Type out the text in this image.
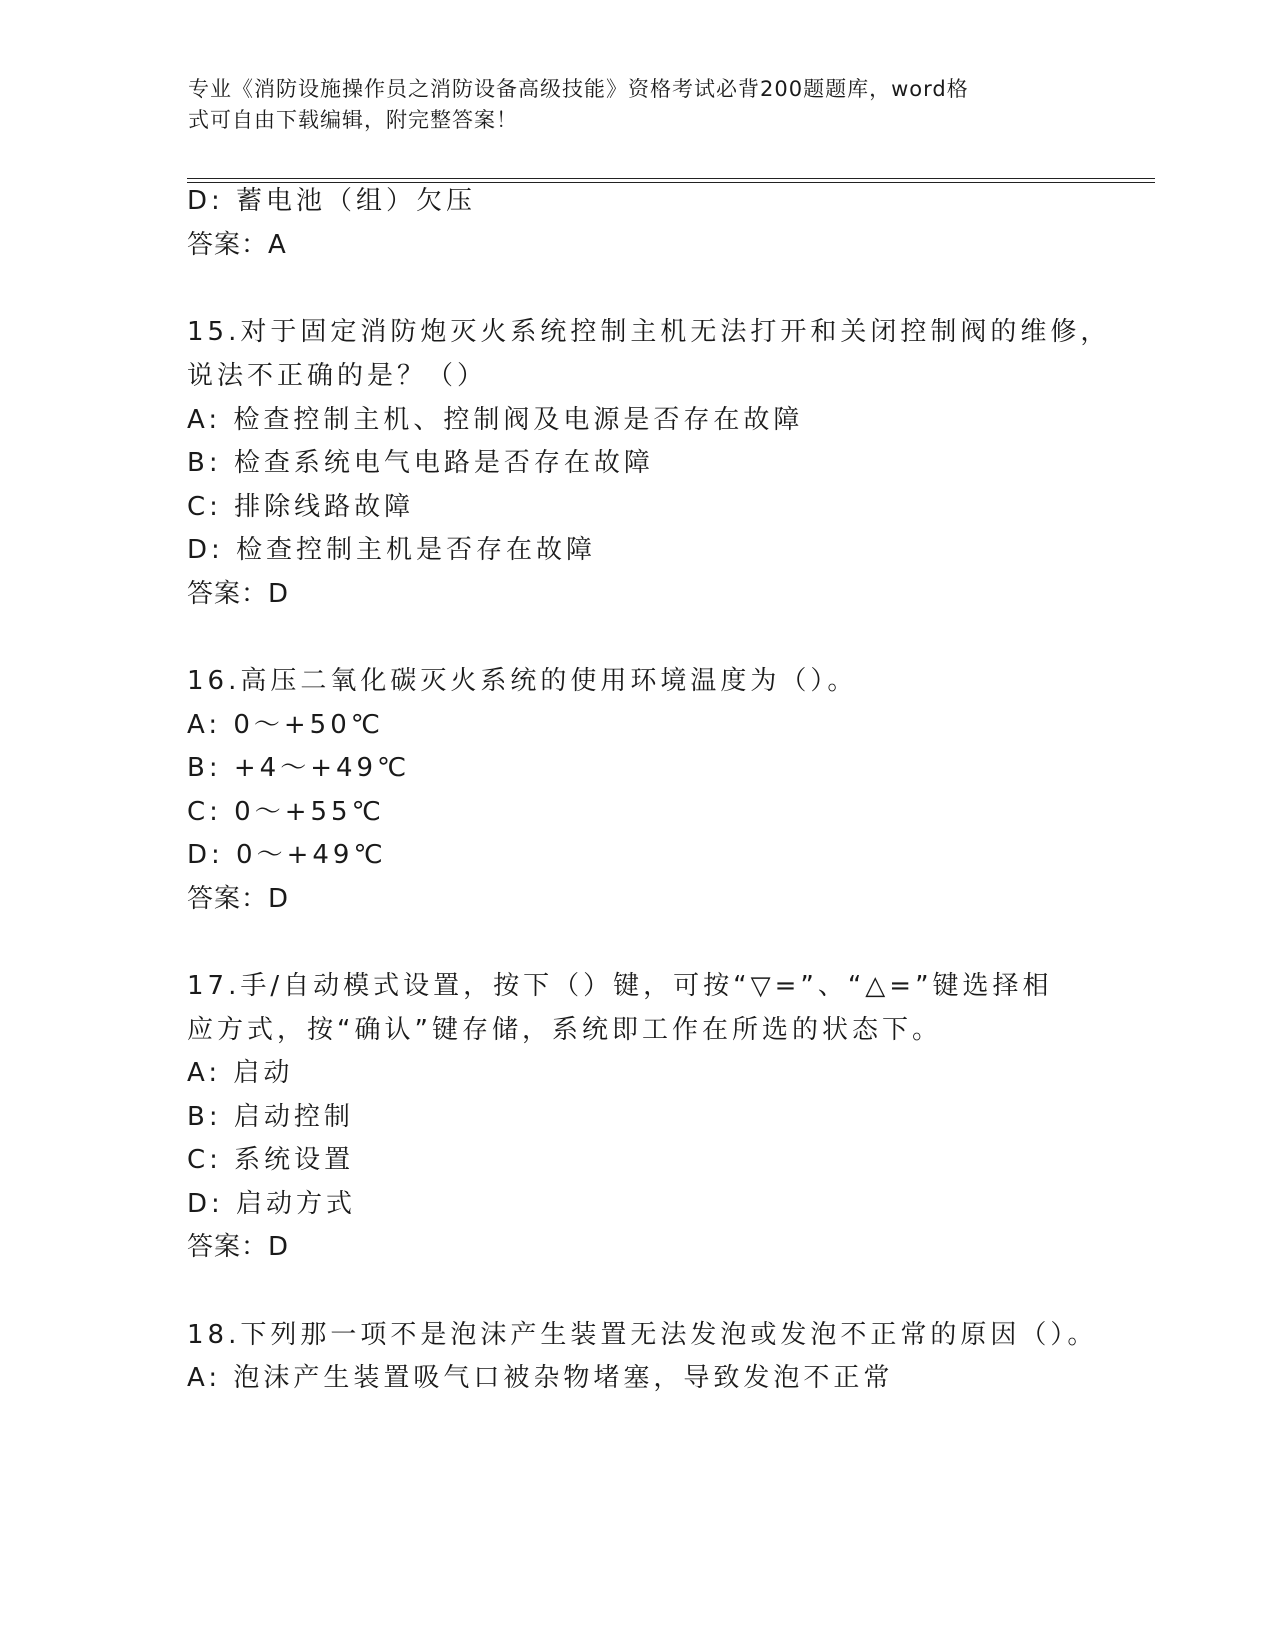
专业《消防设施操作员之消防设备高级技能》资格考试必背200题题库，word格
式可自由下载编辑，附完整答案！
D: 蓄电池（组）欠压
答案：A
15.对于固定消防炮灭火系统控制主机无法打开和关闭控制阀的维修，
说法不正确的是？（）
A: 检查控制主机、控制阀及电源是否存在故障
B: 检查系统电气电路是否存在故障
C: 排除线路故障
D: 检查控制主机是否存在故障
答案：D
16.高压二氧化碳灭火系统的使用环境温度为（）。
A: 0～+50℃
B: +4～+49℃
C: 0～+55℃
D: 0～+49℃
答案：D
17.手/自动模式设置，按下（）键，可按“▽=”、“△=”键选择相
应方式，按“确认”键存储，系统即工作在所选的状态下。
A: 启动
B: 启动控制
C: 系统设置
D: 启动方式
答案：D
18.下列那一项不是泡沫产生装置无法发泡或发泡不正常的原因（）。
A: 泡沫产生装置吸气口被杂物堵塞，导致发泡不正常
